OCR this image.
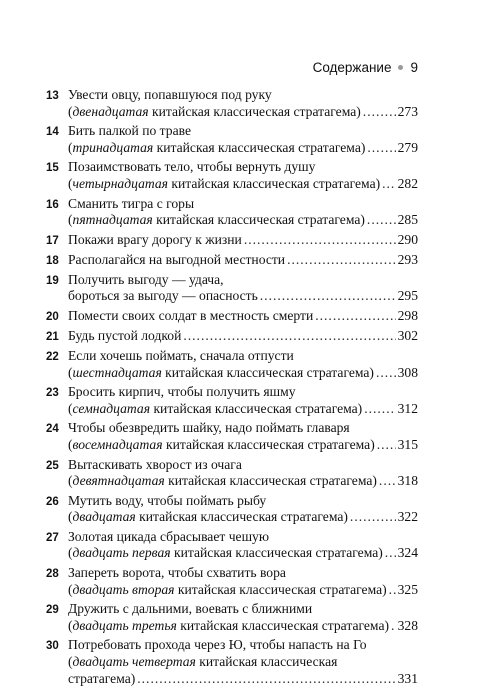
Содержание 9
13 Увести овцу, попавшуюся под руку
(двенадцатая китайская классическая стратагема) . . .	273
14 Бить палкой по траве
(тринадцатая китайская классическая стратагема) . . . 279
15 Позаимствовать тело, чтобы вернуть душу
(четырнадцатая китайская классическая стратагема) . . . 282
16 Сманить тигра с горы
(пятнадцатая китайская классическая стратагема) . . . 285
17 Покажи врагу дорогу к жизни . . .	290
18 Располагайся на выгодной местности . . .	293
19 Получить выгоду — удача,
бороться за выгоду — опасность . . .	295
20 Помести своих солдат в местность смерти . . .	298
21 Будь пустой лодкой . . .	302
22 Если хочешь поймать, сначала отпусти
(шестнадцатая китайская классическая стратагема) . . . 308
23 Бросить кирпич, чтобы получить яшму
(семнадцатая китайская классическая стратагема) . . .	312
24 Чтобы обезвредить шайку, надо поймать главаря
(восемнадцатая китайская классическая стратагема) . . . 315
25 Вытаскивать хворост из очага
(девятнадцатая китайская классическая стратагема) . . . 318
26 Мутить воду, чтобы поймать рыбу
(двадцатая китайская классическая стратагема) . . .	322
27 Золотая цикада сбрасывает чешую
(двадцать первая китайская классическая стратагема) . . . 324
28 Запереть ворота, чтобы схватить вора
(двадцать вторая китайская классическая стратагема) . . . 325
29 Дружить с дальними, воевать с ближними
(двадцать третья китайская классическая стратагема) . . . 328
30 Потребовать прохода через Ю, чтобы напасть на Го
(двадцать четвертая китайская классическая
стратагема) . . .	331
